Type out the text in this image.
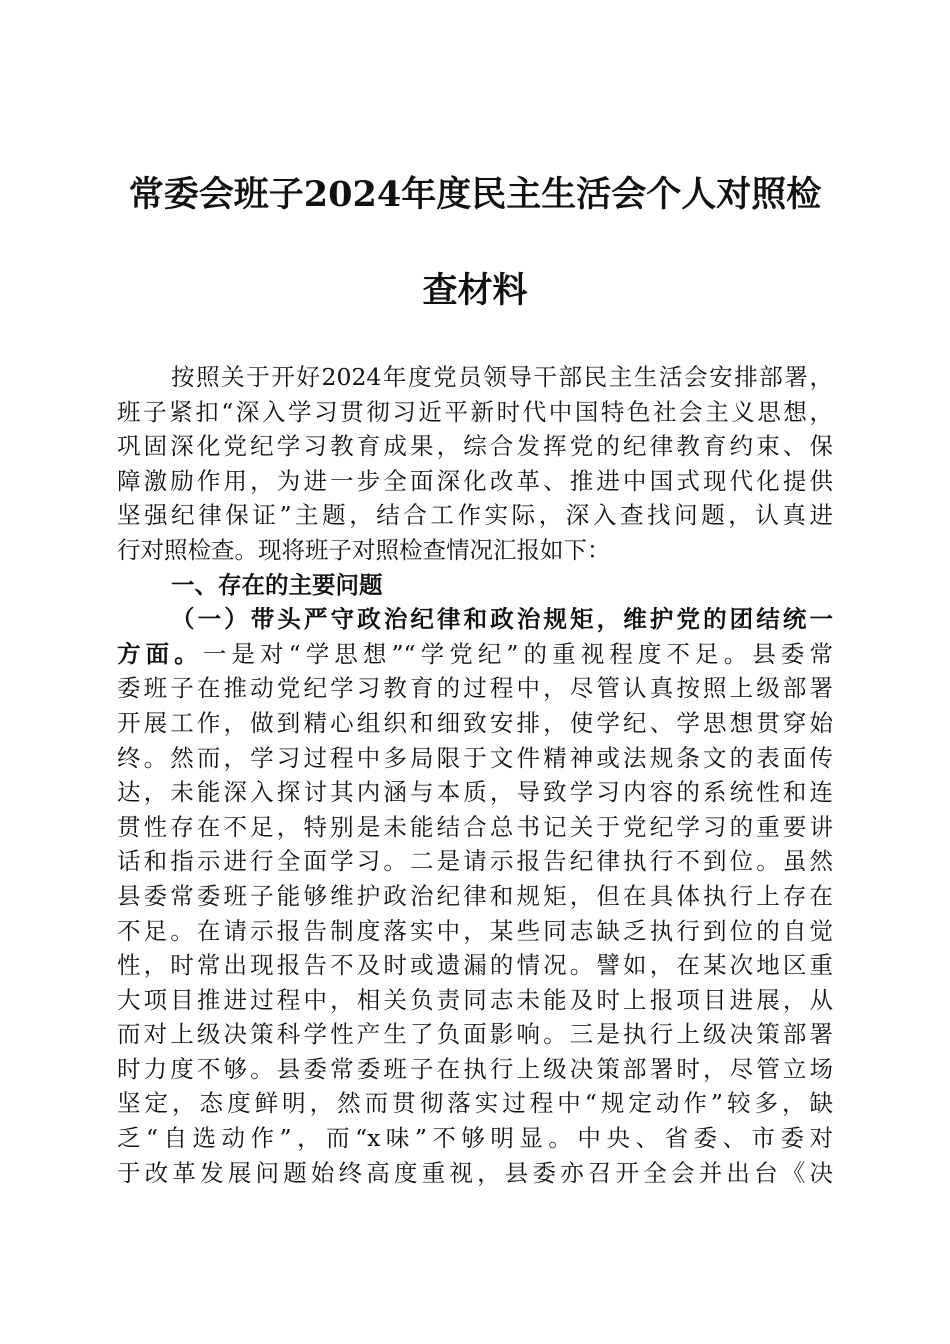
常委会班子2024年度民主生活会个人对照检
查材料
按照关于开好2024年度党员领导干部民主生活会安排部署，
班子紧扣“深入学习贯彻习近平新时代中国特色社会主义思想，
巩固深化党纪学习教育成果，综合发挥党的纪律教育约束、保
障激励作用，为进一步全面深化改革、推进中国式现代化提供
坚强纪律保证”主题，结合工作实际，深入查找问题，认真进
行对照检查。现将班子对照检查情况汇报如下：
一、存在的主要问题
（一）带头严守政治纪律和政治规矩，维护党的团结统一
方面。一是对“学思想”“学党纪”的重视程度不足。县委常
委班子在推动党纪学习教育的过程中，尽管认真按照上级部署
开展工作，做到精心组织和细致安排，使学纪、学思想贯穿始
终。然而，学习过程中多局限于文件精神或法规条文的表面传
达，未能深入探讨其内涵与本质，导致学习内容的系统性和连
贯性存在不足，特别是未能结合总书记关于党纪学习的重要讲
话和指示进行全面学习。二是请示报告纪律执行不到位。虽然
县委常委班子能够维护政治纪律和规矩，但在具体执行上存在
不足。在请示报告制度落实中，某些同志缺乏执行到位的自觉
性，时常出现报告不及时或遗漏的情况。譬如，在某次地区重
大项目推进过程中，相关负责同志未能及时上报项目进展，从
而对上级决策科学性产生了负面影响。三是执行上级决策部署
时力度不够。县委常委班子在执行上级决策部署时，尽管立场
坚定，态度鲜明，然而贯彻落实过程中“规定动作”较多，缺
乏“自选动作”，而“x味”不够明显。中央、省委、市委对
于改革发展问题始终高度重视，县委亦召开全会并出台《决
